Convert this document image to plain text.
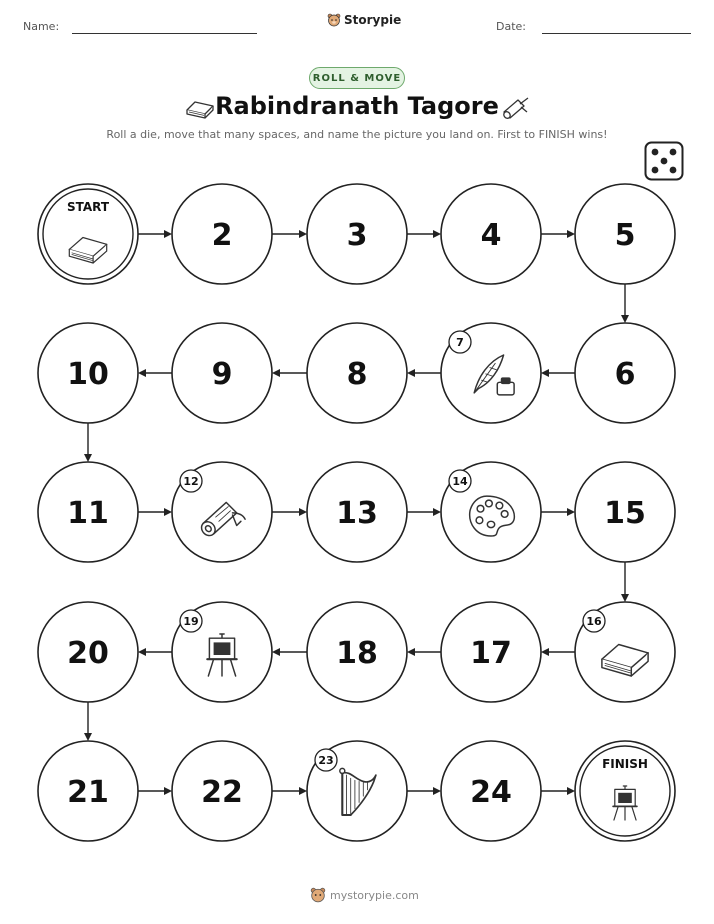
Name:	Storypie	Date:
ROLL & MOVE
Rabindranath Tagore
Roll a die, move that many spaces, and name the picture you land on. First to FINISH wins!
START
2	3	4	5
6
7
8
9
10
11
12
13
14
15
16
17
18
19
20
21	22
23
24
FINISH
mystorypie.com
